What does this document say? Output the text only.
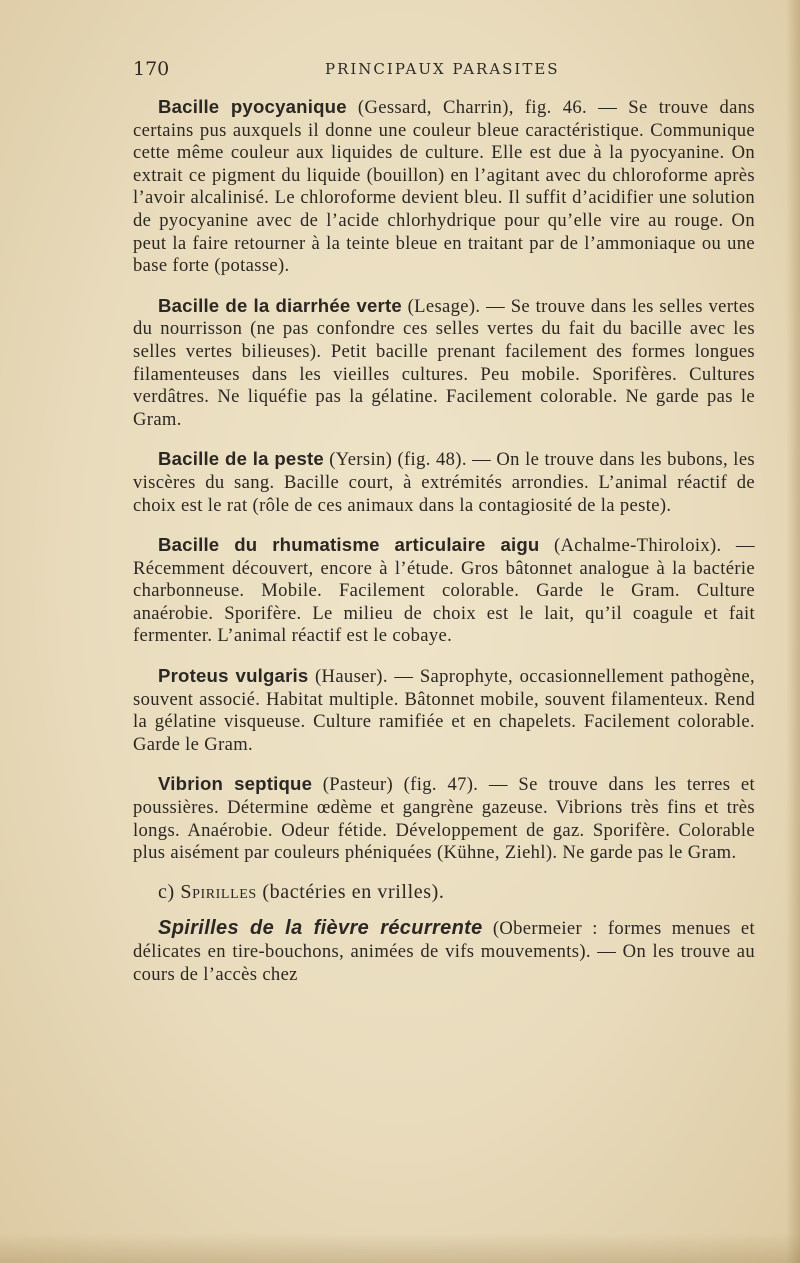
170	PRINCIPAUX PARASITES

Bacille pyocyanique (Gessard, Charrin), fig. 46. — Se trouve dans certains pus auxquels il donne une couleur bleue caractéristique. Communique cette même couleur aux liquides de culture. Elle est due à la pyocyanine. On extrait ce pigment du liquide (bouillon) en l’agitant avec du chloroforme après l’avoir alcalinisé. Le chloroforme devient bleu. Il suffit d’acidifier une solution de pyocyanine avec de l’acide chlorhydrique pour qu’elle vire au rouge. On peut la faire retourner à la teinte bleue en traitant par de l’ammoniaque ou une base forte (potasse).

Bacille de la diarrhée verte (Lesage). — Se trouve dans les selles vertes du nourrisson (ne pas confondre ces selles vertes du fait du bacille avec les selles vertes bilieuses). Petit bacille prenant facilement des formes longues filamenteuses dans les vieilles cultures. Peu mobile. Sporifères. Cultures verdâtres. Ne liquéfie pas la gélatine. Facilement colorable. Ne garde pas le Gram.

Bacille de la peste (Yersin) (fig. 48). — On le trouve dans les bubons, les viscères du sang. Bacille court, à extrémités arrondies. L’animal réactif de choix est le rat (rôle de ces animaux dans la contagiosité de la peste).

Bacille du rhumatisme articulaire aigu (Achalme-Thiroloix). — Récemment découvert, encore à l’étude. Gros bâtonnet analogue à la bactérie charbonneuse. Mobile. Facilement colorable. Garde le Gram. Culture anaérobie. Sporifère. Le milieu de choix est le lait, qu’il coagule et fait fermenter. L’animal réactif est le cobaye.

Proteus vulgaris (Hauser). — Saprophyte, occasionnellement pathogène, souvent associé. Habitat multiple. Bâtonnet mobile, souvent filamenteux. Rend la gélatine visqueuse. Culture ramifiée et en chapelets. Facilement colorable. Garde le Gram.

Vibrion septique (Pasteur) (fig. 47). — Se trouve dans les terres et poussières. Détermine œdème et gangrène gazeuse. Vibrions très fins et très longs. Anaérobie. Odeur fétide. Développement de gaz. Sporifère. Colorable plus aisément par couleurs phéniquées (Kühne, Ziehl). Ne garde pas le Gram.

c) Spirilles (bactéries en vrilles).

Spirilles de la fièvre récurrente (Obermeier : formes menues et délicates en tire-bouchons, animées de vifs mouvements). — On les trouve au cours de l’accès chez
